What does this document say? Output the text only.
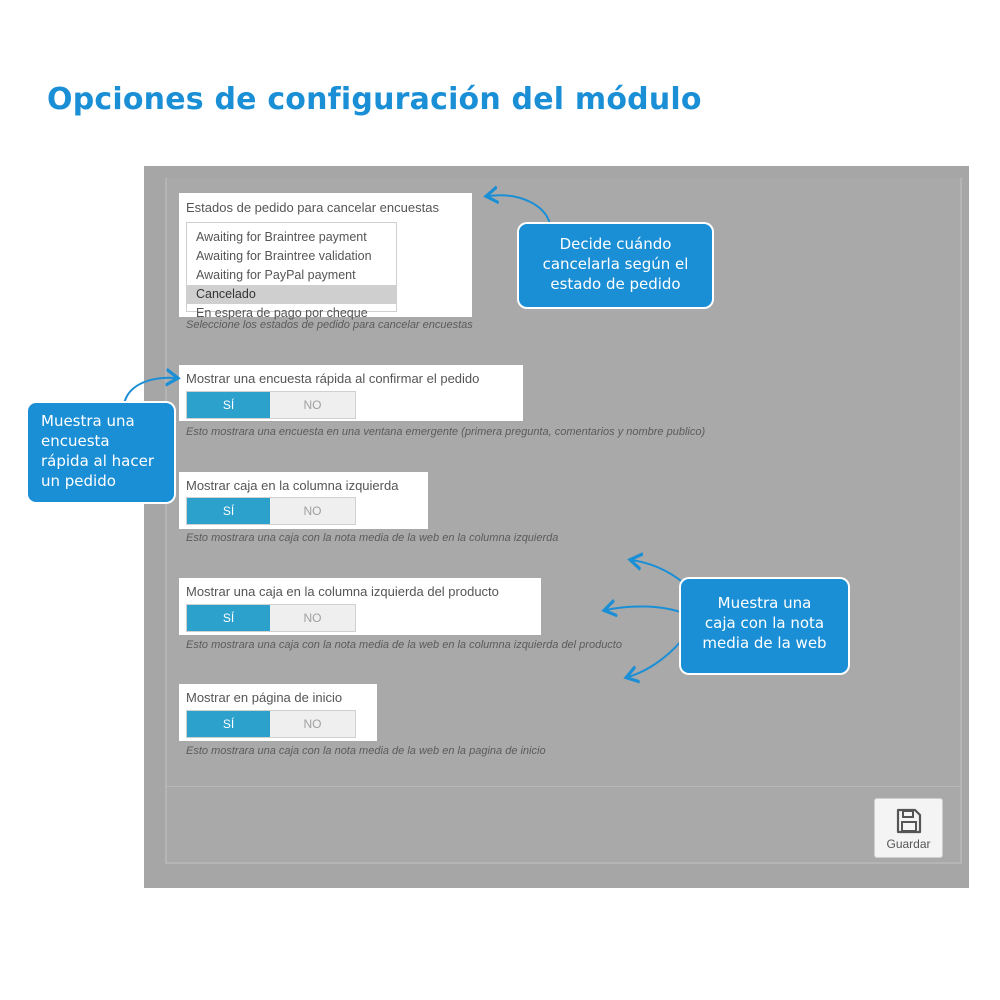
Opciones de configuración del módulo
Estados de pedido para cancelar encuestas
Awaiting for Braintree payment
Awaiting for Braintree validation
Awaiting for PayPal payment
Cancelado
En espera de pago por cheque
Seleccione los estados de pedido para cancelar encuestas
Mostrar una encuesta rápida al confirmar el pedido
SÍ	NO
Esto mostrara una encuesta en una ventana emergente (primera pregunta, comentarios y nombre publico)
Mostrar caja en la columna izquierda
SÍ	NO
Esto mostrara una caja con la nota media de la web en la columna izquierda
Mostrar una caja en la columna izquierda del producto
SÍ	NO
Esto mostrara una caja con la nota media de la web en la columna izquierda del producto
Mostrar en página de inicio
SÍ	NO
Esto mostrara una caja con la nota media de la web en la pagina de inicio
Guardar
Decide cuándo
cancelarla según el
estado de pedido
Muestra una
encuesta
rápida al hacer
un pedido
Muestra una
caja con la nota
media de la web
